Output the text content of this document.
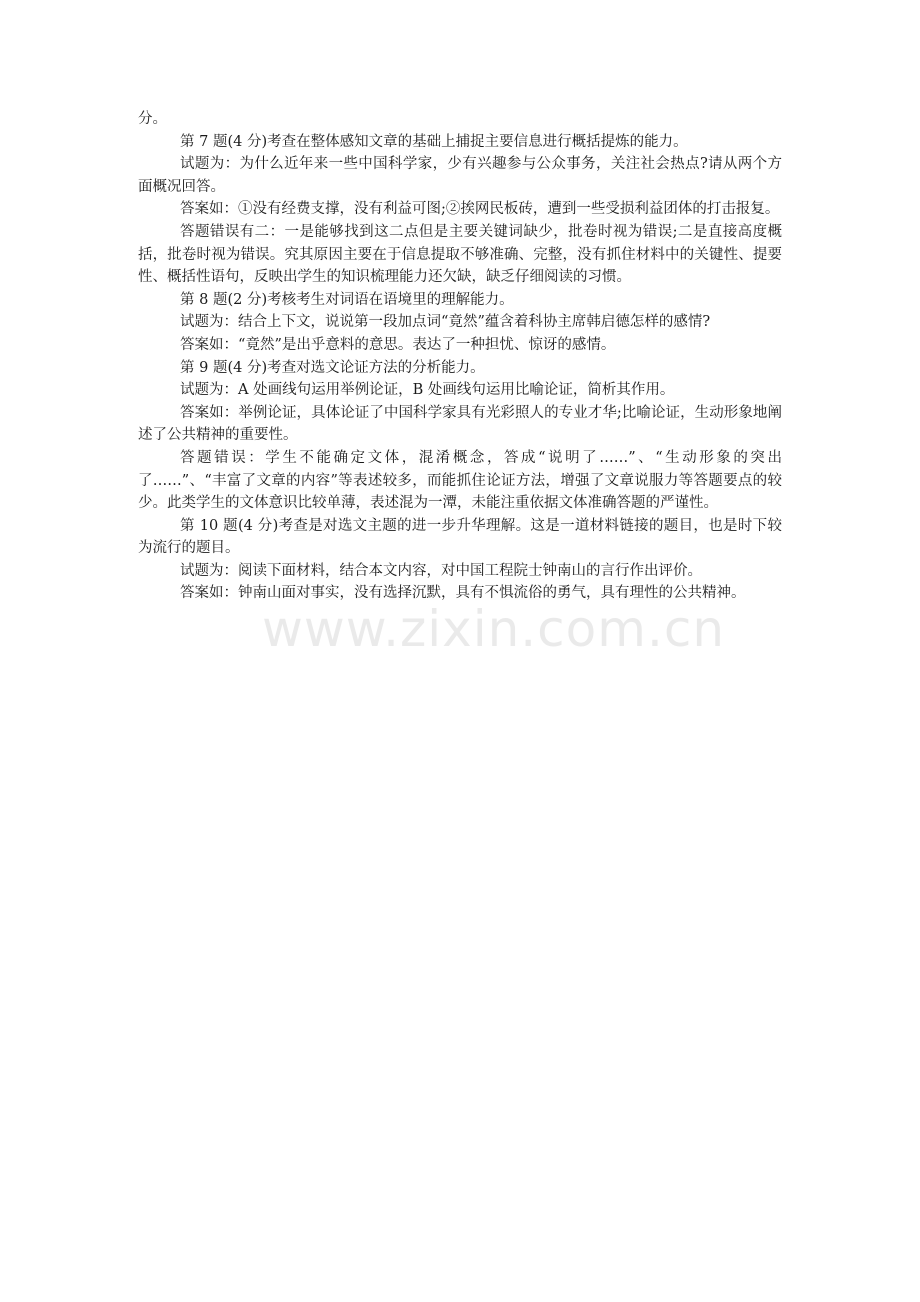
分。

第 7 题(4 分)考查在整体感知文章的基础上捕捉主要信息进行概括提炼的能力。

试题为：为什么近年来一些中国科学家，少有兴趣参与公众事务，关注社会热点?请从两个方面概况回答。

答案如：①没有经费支撑，没有利益可图;②挨网民板砖，遭到一些受损利益团体的打击报复。

答题错误有二：一是能够找到这二点但是主要关键词缺少，批卷时视为错误;二是直接高度概括，批卷时视为错误。究其原因主要在于信息提取不够准确、完整，没有抓住材料中的关键性、提要性、概括性语句，反映出学生的知识梳理能力还欠缺，缺乏仔细阅读的习惯。

第 8 题(2 分)考核考生对词语在语境里的理解能力。

试题为：结合上下文，说说第一段加点词“竟然”蕴含着科协主席韩启德怎样的感情?

答案如：“竟然”是出乎意料的意思。表达了一种担忧、惊讶的感情。

第 9 题(4 分)考查对选文论证方法的分析能力。

试题为：A 处画线句运用举例论证，B 处画线句运用比喻论证，简析其作用。

答案如：举例论证，具体论证了中国科学家具有光彩照人的专业才华;比喻论证，生动形象地阐述了公共精神的重要性。

答题错误：学生不能确定文体，混淆概念，答成“说明了……”、“生动形象的突出了……”、“丰富了文章的内容”等表述较多，而能抓住论证方法，增强了文章说服力等答题要点的较少。此类学生的文体意识比较单薄，表述混为一潭，未能注重依据文体准确答题的严谨性。

第 10 题(4 分)考查是对选文主题的进一步升华理解。这是一道材料链接的题目，也是时下较为流行的题目。

试题为：阅读下面材料，结合本文内容，对中国工程院士钟南山的言行作出评价。

答案如：钟南山面对事实，没有选择沉默，具有不惧流俗的勇气，具有理性的公共精神。

www.zixin.com.cn
